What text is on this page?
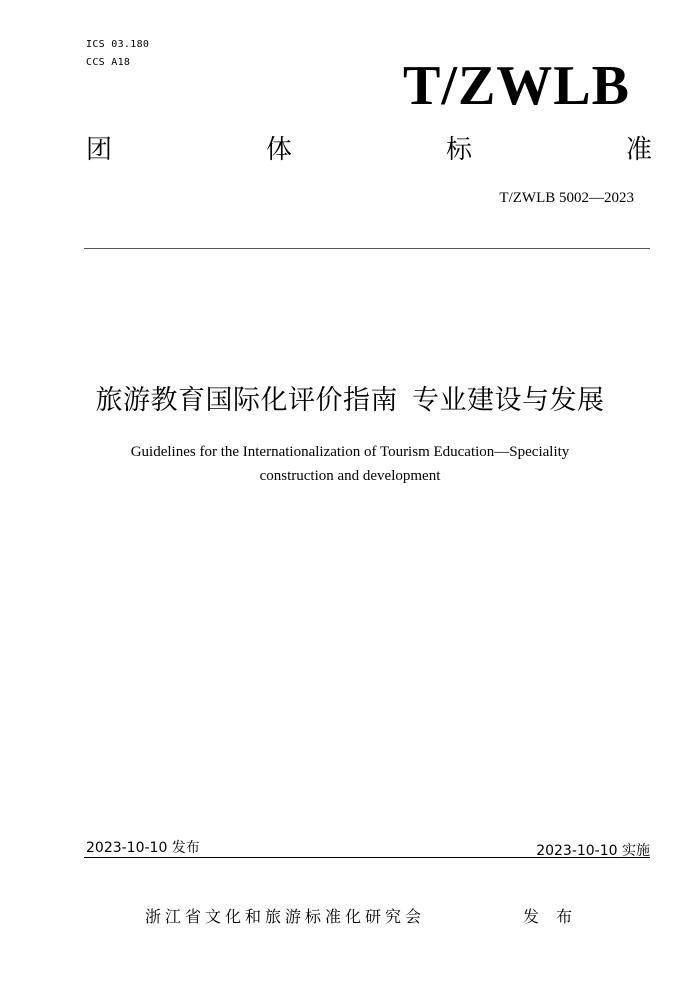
ICS 03.180
CCS A18	T/ZWLB
团	体	标	准
T/ZWLB 5002—2023
旅游教育国际化评价指南 专业建设与发展
Guidelines for the Internationalization of Tourism Education—Speciality
construction and development
2023-10-10 发布	2023-10-10 实施
浙江省文化和旅游标准化研究会	发 布
